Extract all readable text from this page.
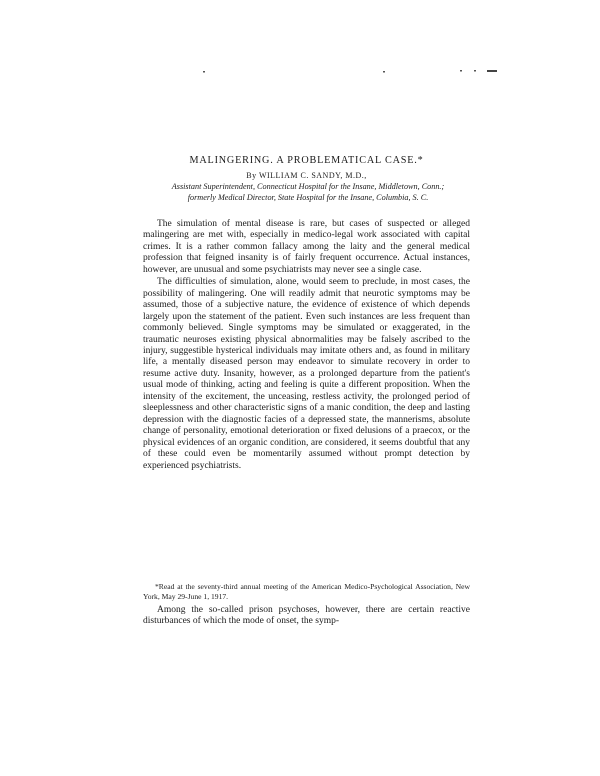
MALINGERING. A PROBLEMATICAL CASE.*
By WILLIAM C. SANDY, M.D.,
Assistant Superintendent, Connecticut Hospital for the Insane, Middletown, Conn.; formerly Medical Director, State Hospital for the Insane, Columbia, S. C.

The simulation of mental disease is rare, but cases of suspected or alleged malingering are met with, especially in medico-legal work associated with capital crimes. It is a rather common fallacy among the laity and the general medical profession that feigned insanity is of fairly frequent occurrence. Actual instances, however, are unusual and some psychiatrists may never see a single case.

The difficulties of simulation, alone, would seem to preclude, in most cases, the possibility of malingering. One will readily admit that neurotic symptoms may be assumed, those of a subjective nature, the evidence of existence of which depends largely upon the statement of the patient. Even such instances are less frequent than commonly believed. Single symptoms may be simulated or exaggerated, in the traumatic neuroses existing physical abnormalities may be falsely ascribed to the injury, suggestible hysterical individuals may imitate others and, as found in military life, a mentally diseased person may endeavor to simulate recovery in order to resume active duty. Insanity, however, as a prolonged departure from the patient's usual mode of thinking, acting and feeling is quite a different proposition. When the intensity of the excitement, the unceasing, restless activity, the prolonged period of sleeplessness and other characteristic signs of a manic condition, the deep and lasting depression with the diagnostic facies of a depressed state, the mannerisms, absolute change of personality, emotional deterioration or fixed delusions of a praecox, or the physical evidences of an organic condition, are considered, it seems doubtful that any of these could even be momentarily assumed without prompt detection by experienced psychiatrists.

*Read at the seventy-third annual meeting of the American Medico-Psychological Association, New York, May 29-June 1, 1917.

Among the so-called prison psychoses, however, there are certain reactive disturbances of which the mode of onset, the symp-
